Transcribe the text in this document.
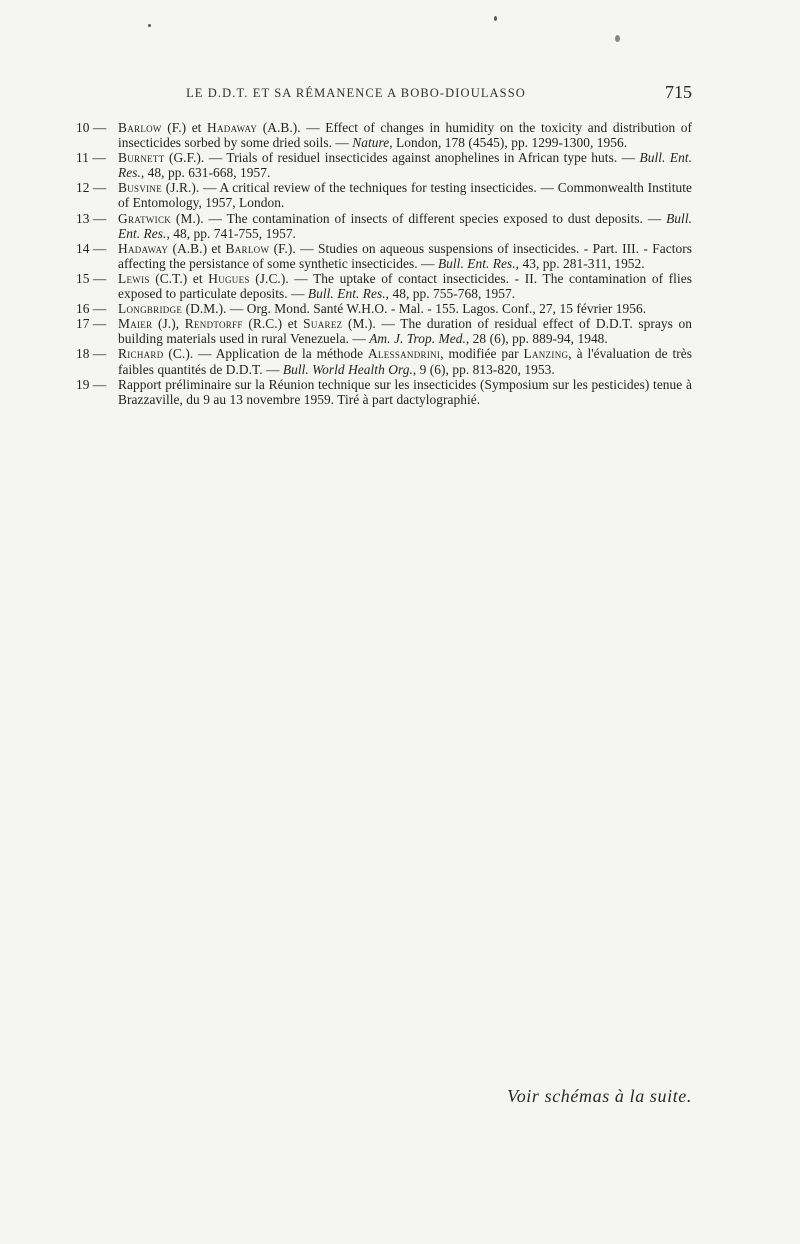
LE D.D.T. ET SA RÉMANENCE A BOBO-DIOULASSO	715
10 — Barlow (F.) et Hadaway (A.B.). — Effect of changes in humidity on the toxicity and distribution of insecticides sorbed by some dried soils. — Nature, London, 178 (4545), pp. 1299-1300, 1956.
11 — Burnett (G.F.). — Trials of residuel insecticides against anophelines in African type huts. — Bull. Ent. Res., 48, pp. 631-668, 1957.
12 — Busvine (J.R.). — A critical review of the techniques for testing insecticides. — Commonwealth Institute of Entomology, 1957, London.
13 — Gratwick (M.). — The contamination of insects of different species exposed to dust deposits. — Bull. Ent. Res., 48, pp. 741-755, 1957.
14 — Hadaway (A.B.) et Barlow (F.). — Studies on aqueous suspensions of insecticides. - Part. III. - Factors affecting the persistance of some synthetic insecticides. — Bull. Ent. Res., 43, pp. 281-311, 1952.
15 — Lewis (C.T.) et Hugues (J.C.). — The uptake of contact insecticides. - II. The contamination of flies exposed to particulate deposits. — Bull. Ent. Res., 48, pp. 755-768, 1957.
16 — Longbridge (D.M.). — Org. Mond. Santé W.H.O. - Mal. - 155. Lagos. Conf., 27, 15 février 1956.
17 — Maier (J.), Rendtorff (R.C.) et Suarez (M.). — The duration of residual effect of D.D.T. sprays on building materials used in rural Venezuela. — Am. J. Trop. Med., 28 (6), pp. 889-94, 1948.
18 — Richard (C.). — Application de la méthode Alessandrini, modifiée par Lanzing, à l'évaluation de très faibles quantités de D.D.T. — Bull. World Health Org., 9 (6), pp. 813-820, 1953.
19 — Rapport préliminaire sur la Réunion technique sur les insecticides (Symposium sur les pesticides) tenue à Brazzaville, du 9 au 13 novembre 1959. Tiré à part dactylographié.
Voir schémas à la suite.
